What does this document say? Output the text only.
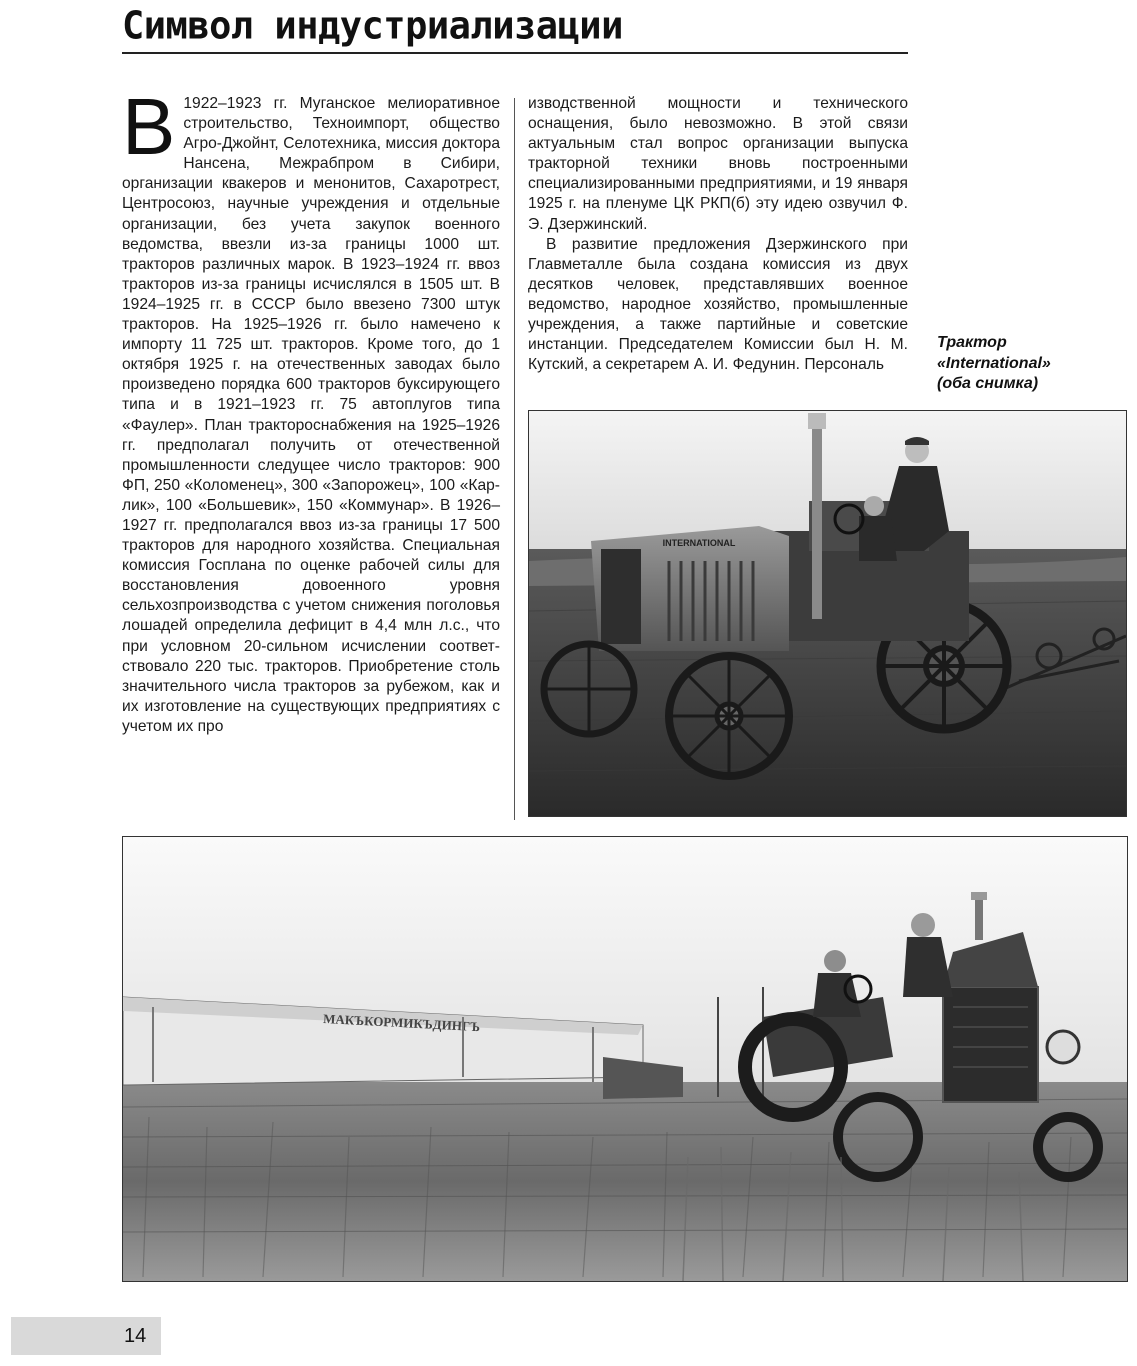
Символ индустриализации

В 1922–1923 гг. Муганское мелиоративное строительство, Техноимпорт, общество Агро-Джойнт, Селотехника, миссия доктора Нансена, Межрабпром в Сибири, организации квакеров и менонитов, Сахаротрест, Центросоюз, научные учреждения и отдельные организации, без учета закупок военного ведомства, ввезли из-за границы 1000 шт. тракторов различных марок. В 1923–1924 гг. ввоз тракторов из-за границы исчислялся в 1505 шт. В 1924–1925 гг. в СССР было ввезено 7300 штук тракторов. На 1925–1926 гг. было намечено к импорту 11 725 шт. тракторов. Кроме того, до 1 октября 1925 г. на отечественных заводах было произведено порядка 600 тракторов буксирующего типа и в 1921–1923 гг. 75 автоплугов типа «Фаулер». План трактороснабжения на 1925–1926 гг. предполагал получить от отечественной промышленности следущее число тракторов: 900 ФП, 250 «Коломенец», 300 «Запорожец», 100 «Карлик», 100 «Большевик», 150 «Коммунар». В 1926–1927 гг. предполагался ввоз из-за границы 17 500 тракторов для народного хозяйства. Специальная комиссия Госплана по оценке рабочей силы для восстановления довоенного уровня сельхозпроизводства с учетом снижения поголовья лошадей определила дефицит в 4,4 млн л.с., что при условном 20-сильном исчислении соответствовало 220 тыс. тракторов. Приобретение столь значительного числа тракторов за рубежом, как и их изготовление на существующих предприятиях с учетом их про

изводственной мощности и технического оснащения, было невозможно. В этой связи актуальным стал вопрос организации выпуска тракторной техники вновь построенными специализированными предприятиями, и 19 января 1925 г. на пленуме ЦК РКП(б) эту идею озвучил Ф. Э. Дзержинский.

В развитие предложения Дзержинского при Главметалле была создана комиссия из двух десятков человек, представлявших военное ведомство, народное хозяйство, промышленные учреждения, а также партийные и советские инстанции. Председателем Комиссии был Н. М. Кутский, а секретарем А. И. Федунин. Персональ

Трактор
«International»
(оба снимка)
INTERNATIONAL
МАКЪКОРМИКЪДИНГЪ
14
